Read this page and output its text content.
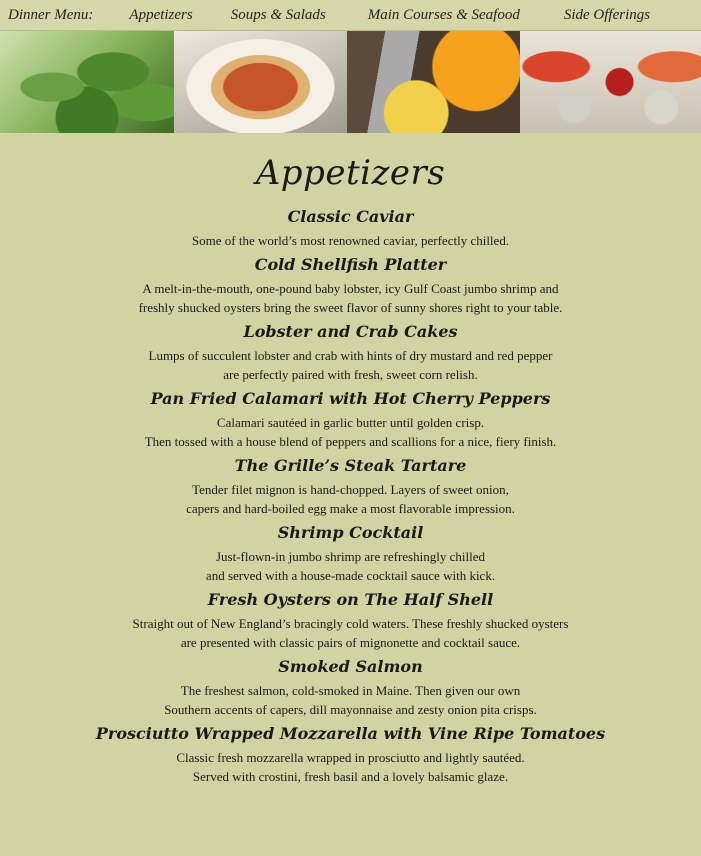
Dinner Menu: Appetizers	Soups & Salads	Main Courses & Seafood	Side Offerings
Appetizers
Classic Caviar

Some of the world’s most renowned caviar, perfectly chilled.

Cold Shellfish Platter

A melt-in-the-mouth, one-pound baby lobster, icy Gulf Coast jumbo shrimp and
freshly shucked oysters bring the sweet flavor of sunny shores right to your table.

Lobster and Crab Cakes

Lumps of succulent lobster and crab with hints of dry mustard and red pepper
are perfectly paired with fresh, sweet corn relish.

Pan Fried Calamari with Hot Cherry Peppers

Calamari sautéed in garlic butter until golden crisp.
Then tossed with a house blend of peppers and scallions for a nice, fiery finish.

The Grille’s Steak Tartare

Tender filet mignon is hand-chopped. Layers of sweet onion,
capers and hard-boiled egg make a most flavorable impression.

Shrimp Cocktail

Just-flown-in jumbo shrimp are refreshingly chilled
and served with a house-made cocktail sauce with kick.

Fresh Oysters on The Half Shell

Straight out of New England’s bracingly cold waters. These freshly shucked oysters
are presented with classic pairs of mignonette and cocktail sauce.

Smoked Salmon

The freshest salmon, cold-smoked in Maine. Then given our own
Southern accents of capers, dill mayonnaise and zesty onion pita crisps.

Prosciutto Wrapped Mozzarella with Vine Ripe Tomatoes

Classic fresh mozzarella wrapped in prosciutto and lightly sautéed.
Served with crostini, fresh basil and a lovely balsamic glaze.
